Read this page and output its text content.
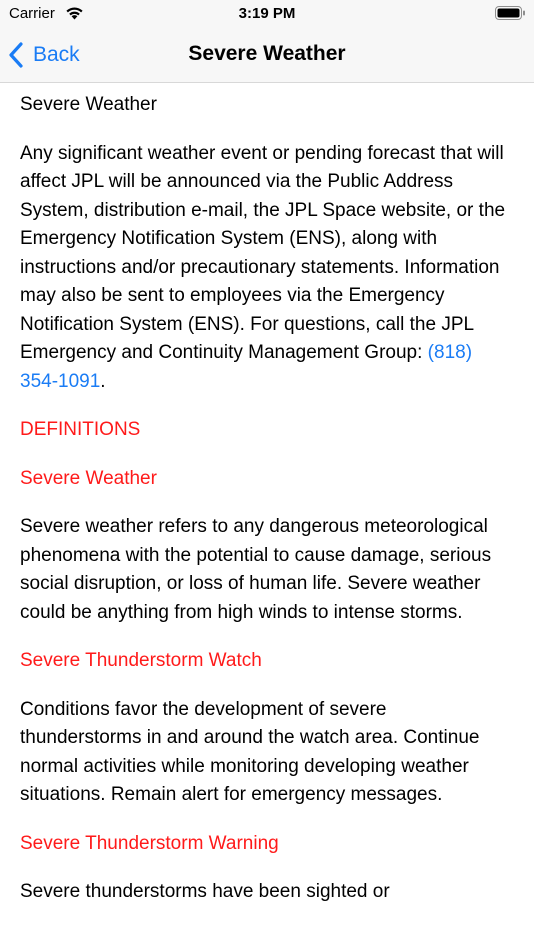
Carrier	3:19 PM
Back	Severe Weather
Severe Weather
Any significant weather event or pending forecast that will affect JPL will be announced via the Public Address System, distribution e-mail, the JPL Space website, or the Emergency Notification System (ENS), along with instructions and/or precautionary statements. Information may also be sent to employees via the Emergency Notification System (ENS). For questions, call the JPL Emergency and Continuity Management Group: (818) 354-1091.
DEFINITIONS
Severe Weather
Severe weather refers to any dangerous meteorological phenomena with the potential to cause damage, serious social disruption, or loss of human life. Severe weather could be anything from high winds to intense storms.
Severe Thunderstorm Watch
Conditions favor the development of severe thunderstorms in and around the watch area. Continue normal activities while monitoring developing weather situations. Remain alert for emergency messages.
Severe Thunderstorm Warning
Severe thunderstorms have been sighted or
